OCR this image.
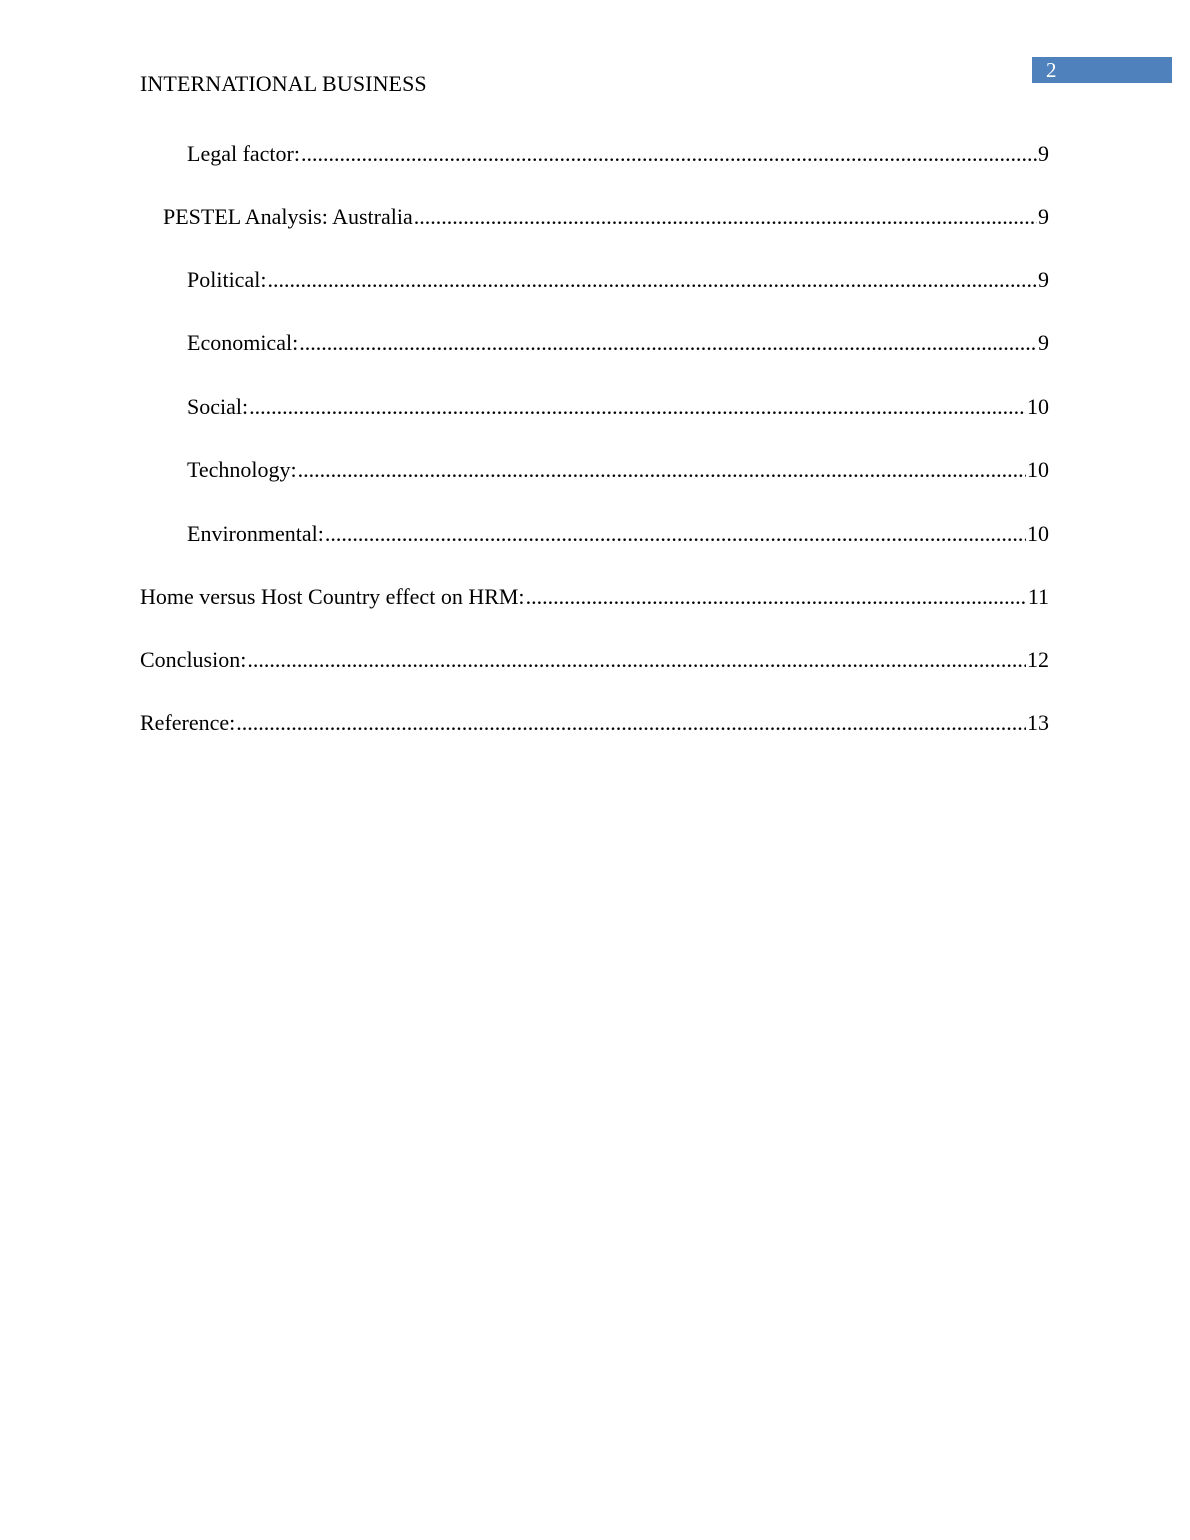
INTERNATIONAL BUSINESS
2
Legal factor: .....	9
PESTEL Analysis: Australia .....	9
Political: .....	9
Economical: .....	9
Social: .....	10
Technology: .....	10
Environmental: .....	10
Home versus Host Country effect on HRM: .....	11
Conclusion: .....	12
Reference: .....	13
